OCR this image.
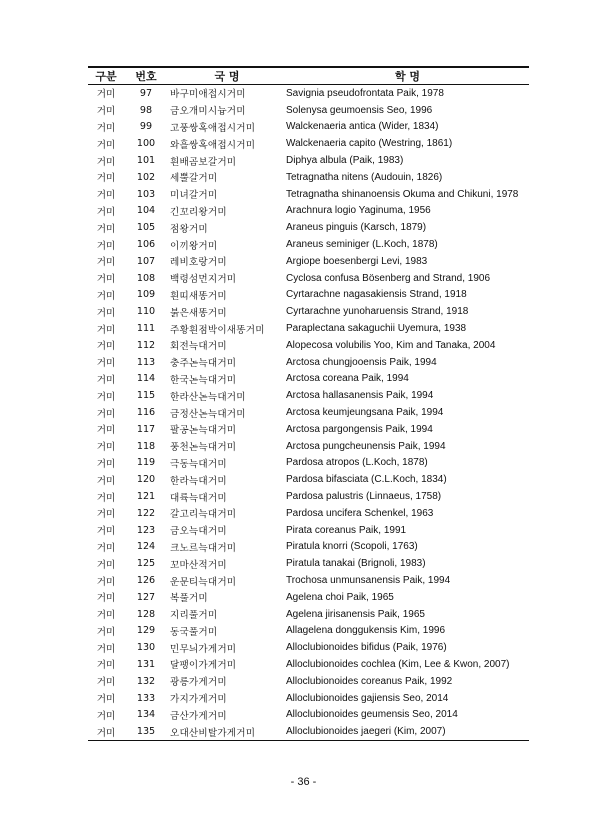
구분	번호	국 명	학 명
거미	97	바구미애접시거미	Savignia pseudofrontata Paik, 1978
거미	98	금오개미시늉거미	Solenysa geumoensis Seo, 1996
거미	99	고풍쌍혹애접시거미	Walckenaeria antica (Wider, 1834)
거미	100	와흘쌍혹애접시거미	Walckenaeria capito (Westring, 1861)
거미	101	흰배곰보갈거미	Diphya albula (Paik, 1983)
거미	102	세뿔갈거미	Tetragnatha nitens (Audouin, 1826)
거미	103	미녀갈거미	Tetragnatha shinanoensis Okuma and Chikuni, 1978
거미	104	긴꼬리왕거미	Arachnura logio Yaginuma, 1956
거미	105	점왕거미	Araneus pinguis (Karsch, 1879)
거미	106	이끼왕거미	Araneus seminiger (L.Koch, 1878)
거미	107	레비호랑거미	Argiope boesenbergi Levi, 1983
거미	108	백령섬먼지거미	Cyclosa confusa Bösenberg and Strand, 1906
거미	109	흰띠새똥거미	Cyrtarachne nagasakiensis Strand, 1918
거미	110	붉은새똥거미	Cyrtarachne yunoharuensis Strand, 1918
거미	111	주황흰점박이새똥거미	Paraplectana sakaguchii Uyemura, 1938
거미	112	회전늑대거미	Alopecosa volubilis Yoo, Kim and Tanaka, 2004
거미	113	충주논늑대거미	Arctosa chungjooensis Paik, 1994
거미	114	한국논늑대거미	Arctosa coreana Paik, 1994
거미	115	한라산논늑대거미	Arctosa hallasanensis Paik, 1994
거미	116	금정산논늑대거미	Arctosa keumjeungsana Paik, 1994
거미	117	팔공논늑대거미	Arctosa pargongensis Paik, 1994
거미	118	풍천논늑대거미	Arctosa pungcheunensis Paik, 1994
거미	119	극동늑대거미	Pardosa atropos (L.Koch, 1878)
거미	120	한라늑대거미	Pardosa bifasciata (C.L.Koch, 1834)
거미	121	대륙늑대거미	Pardosa palustris (Linnaeus, 1758)
거미	122	갈고리늑대거미	Pardosa uncifera Schenkel, 1963
거미	123	금오늑대거미	Pirata coreanus Paik, 1991
거미	124	크노르늑대거미	Piratula knorri (Scopoli, 1763)
거미	125	꼬마산적거미	Piratula tanakai (Brignoli, 1983)
거미	126	운문티늑대거미	Trochosa unmunsanensis Paik, 1994
거미	127	복풀거미	Agelena choi Paik, 1965
거미	128	지리풀거미	Agelena jirisanensis Paik, 1965
거미	129	동국풀거미	Allagelena donggukensis Kim, 1996
거미	130	민무늬가게거미	Alloclubionoides bifidus (Paik, 1976)
거미	131	달팽이가게거미	Alloclubionoides cochlea (Kim, Lee & Kwon, 2007)
거미	132	광릉가게거미	Alloclubionoides coreanus Paik, 1992
거미	133	가지가게거미	Alloclubionoides gajiensis Seo, 2014
거미	134	금산가게거미	Alloclubionoides geumensis Seo, 2014
거미	135	오대산비탈가게거미	Alloclubionoides jaegeri (Kim, 2007)
- 36 -
